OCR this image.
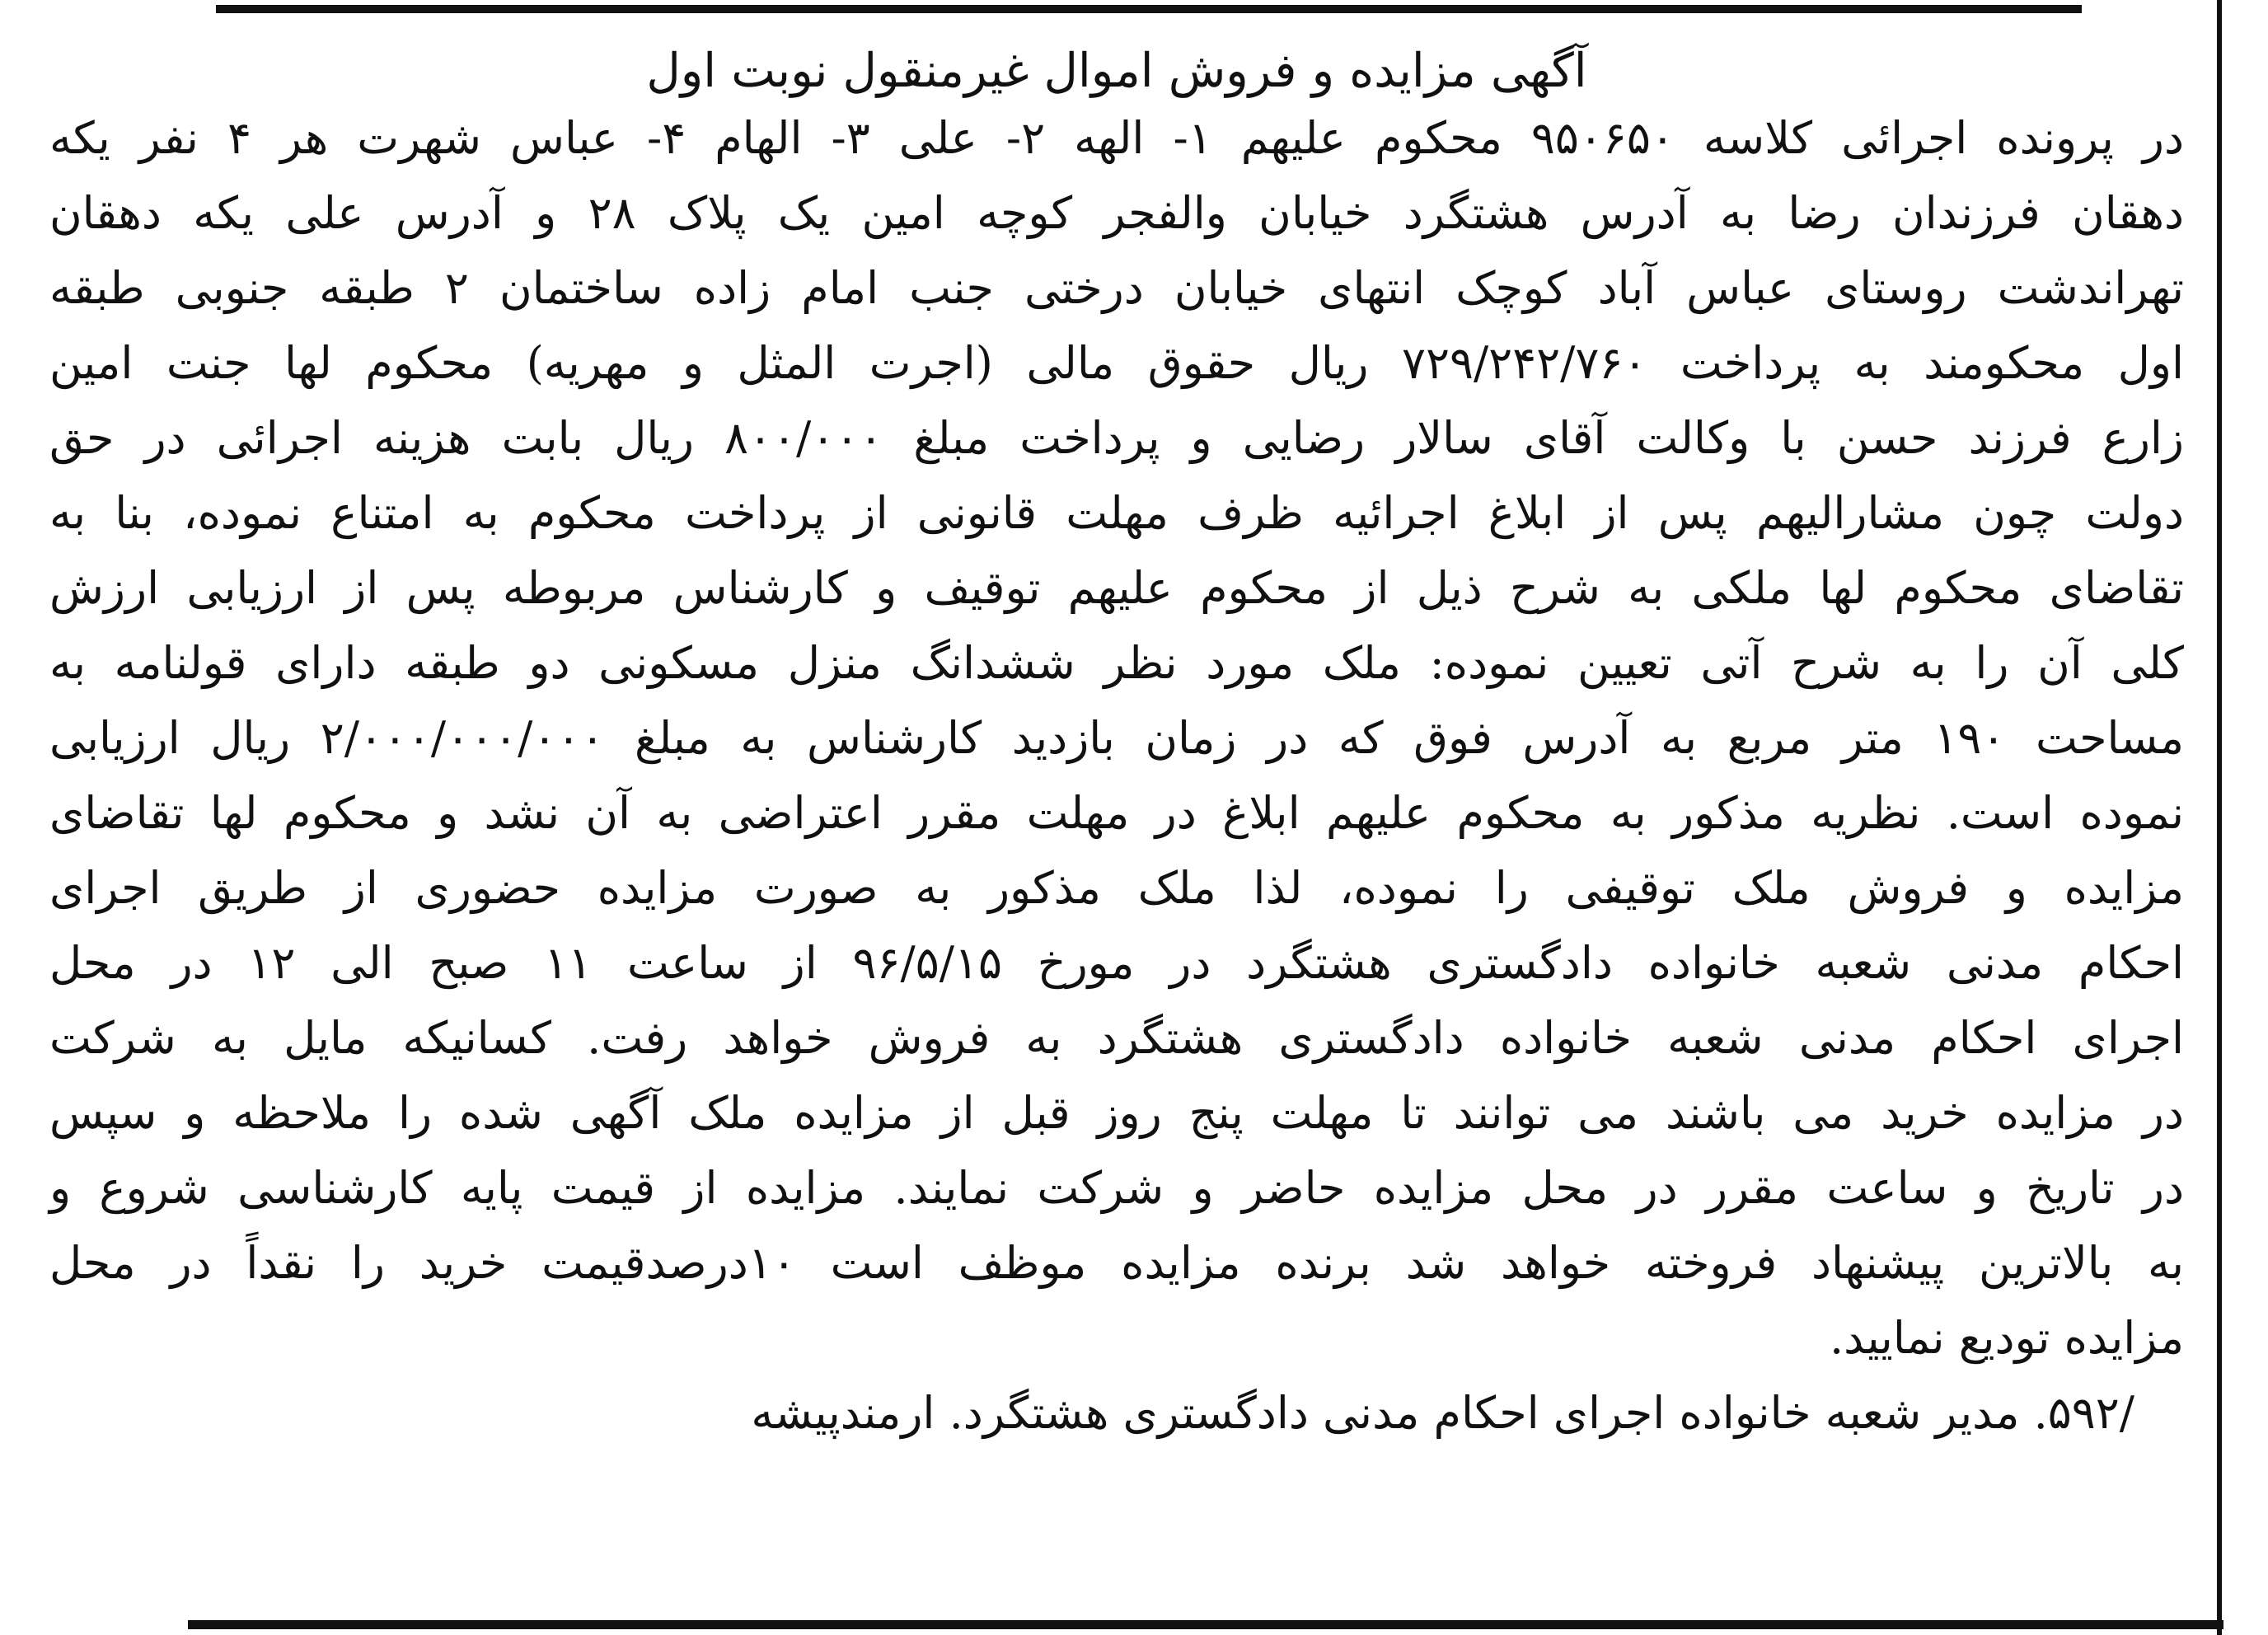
آگهی مزایده و فروش اموال غیرمنقول نوبت اول
در پرونده اجرائی کلاسه ۹۵۰۶۵۰ محکوم علیهم ۱- الهه ۲- علی ۳- الهام ۴- عباس شهرت هر ۴ نفر یکه
دهقان فرزندان رضا به آدرس هشتگرد خیابان والفجر کوچه امین یک پلاک ۲۸ و آدرس علی یکه دهقان
تهراندشت روستای عباس آباد کوچک انتهای خیابان درختی جنب امام زاده ساختمان ۲ طبقه جنوبی طبقه
اول محکومند به پرداخت ۷۲۹/۲۴۲/۷۶۰ ریال حقوق مالی (اجرت المثل و مهریه) محکوم لها جنت امین
زارع فرزند حسن با وکالت آقای سالار رضایی و پرداخت مبلغ ۸۰۰/۰۰۰ ریال بابت هزینه اجرائی در حق
دولت چون مشارالیهم پس از ابلاغ اجرائیه ظرف مهلت قانونی از پرداخت محکوم به امتناع نموده، بنا به
تقاضای محکوم لها ملکی به شرح ذیل از محکوم علیهم توقیف و کارشناس مربوطه پس از ارزیابی ارزش
کلی آن را به شرح آتی تعیین نموده: ملک مورد نظر ششدانگ منزل مسکونی دو طبقه دارای قولنامه به
مساحت ۱۹۰ متر مربع به آدرس فوق که در زمان بازدید کارشناس به مبلغ ۲/۰۰۰/۰۰۰/۰۰۰ ریال ارزیابی
نموده است. نظریه مذکور به محکوم علیهم ابلاغ در مهلت مقرر اعتراضی به آن نشد و محکوم لها تقاضای
مزایده و فروش ملک توقیفی را نموده، لذا ملک مذکور به صورت مزایده حضوری از طریق اجرای
احکام مدنی شعبه خانواده دادگستری هشتگرد در مورخ ۹۶/۵/۱۵ از ساعت ۱۱ صبح الی ۱۲ در محل
اجرای احکام مدنی شعبه خانواده دادگستری هشتگرد به فروش خواهد رفت. کسانیکه مایل به شرکت
در مزایده خرید می باشند می توانند تا مهلت پنج روز قبل از مزایده ملک آگهی شده را ملاحظه و سپس
در تاریخ و ساعت مقرر در محل مزایده حاضر و شرکت نمایند. مزایده از قیمت پایه کارشناسی شروع و
به بالاترین پیشنهاد فروخته خواهد شد برنده مزایده موظف است ۱۰درصدقیمت خرید را نقداً در محل
مزایده تودیع نمایید.
/۵۹۲. مدیر شعبه خانواده اجرای احکام مدنی دادگستری هشتگرد. ارمندپیشه
